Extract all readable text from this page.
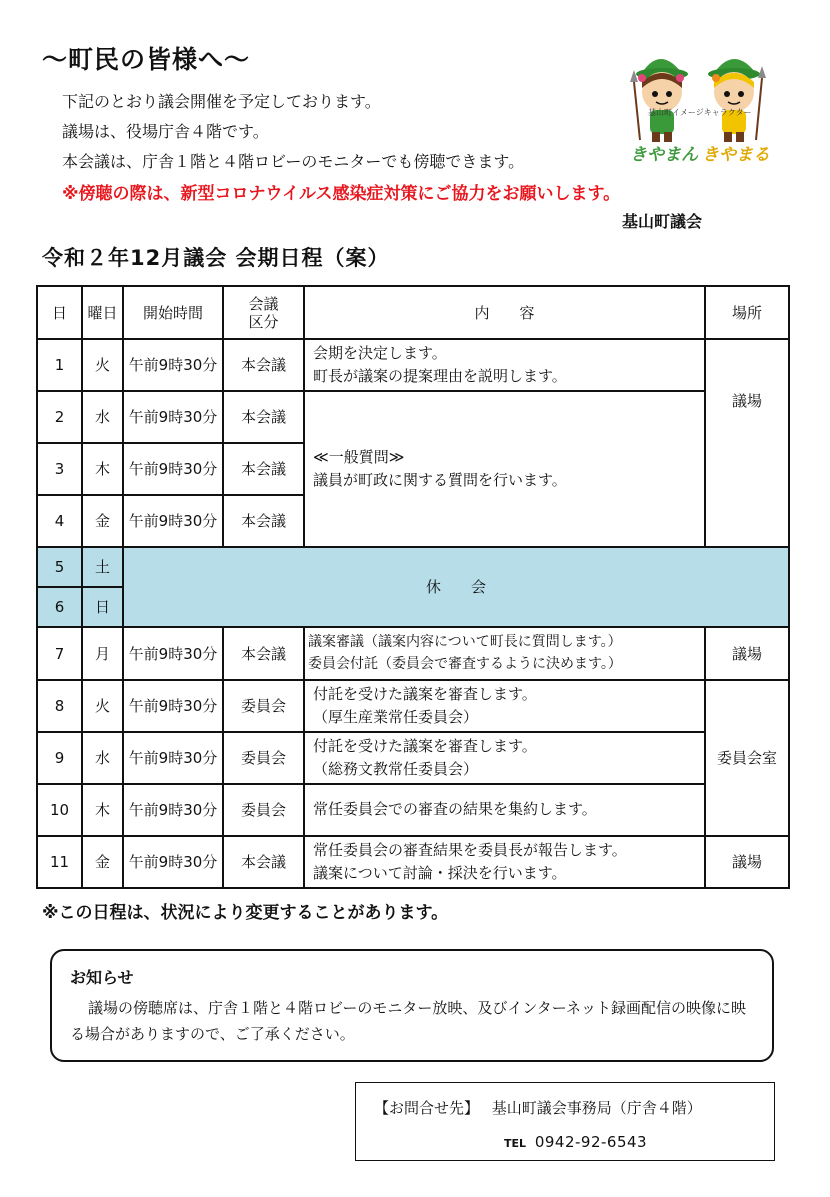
～町民の皆様へ～
下記のとおり議会開催を予定しております。
議場は、役場庁舎４階です。
本会議は、庁舎１階と４階ロビーのモニターでも傍聴できます。
※傍聴の際は、新型コロナウイルス感染症対策にご協力をお願いします。
基山町議会
基山町イメージキャラクター
きやまん きやまる
令和２年12月議会 会期日程（案）
日	曜日	開始時間	会議
区分	内　　容	場所
1	火	午前9時30分	本会議	会期を決定します。
町長が議案の提案理由を説明します。	議場
2	水	午前9時30分	本会議	≪一般質問≫
議員が町政に関する質問を行います。	

3	木	午前9時30分	本会議		
4	金	午前9時30分	本会議		
5	土	休　　会			
6	日				
7	月	午前9時30分	本会議	議案審議（議案内容について町長に質問します。）
委員会付託（委員会で審査するように決めます。）	議場
8	火	午前9時30分	委員会	付託を受けた議案を審査します。
（厚生産業常任委員会）	委員会室
9	水	午前9時30分	委員会	付託を受けた議案を審査します。
（総務文教常任委員会）	

10	木	午前9時30分	委員会	常任委員会での審査の結果を集約します。	

11	金	午前9時30分	本会議	常任委員会の審査結果を委員長が報告します。
議案について討論・採決を行います。	議場
※この日程は、状況により変更することがあります。
お知らせ
議場の傍聴席は、庁舎１階と４階ロビーのモニター放映、及びインターネット録画配信の映像に映る場合がありますので、ご了承ください。
【お問合せ先】 基山町議会事務局（庁舎４階）
TEL 0942-92-6543
